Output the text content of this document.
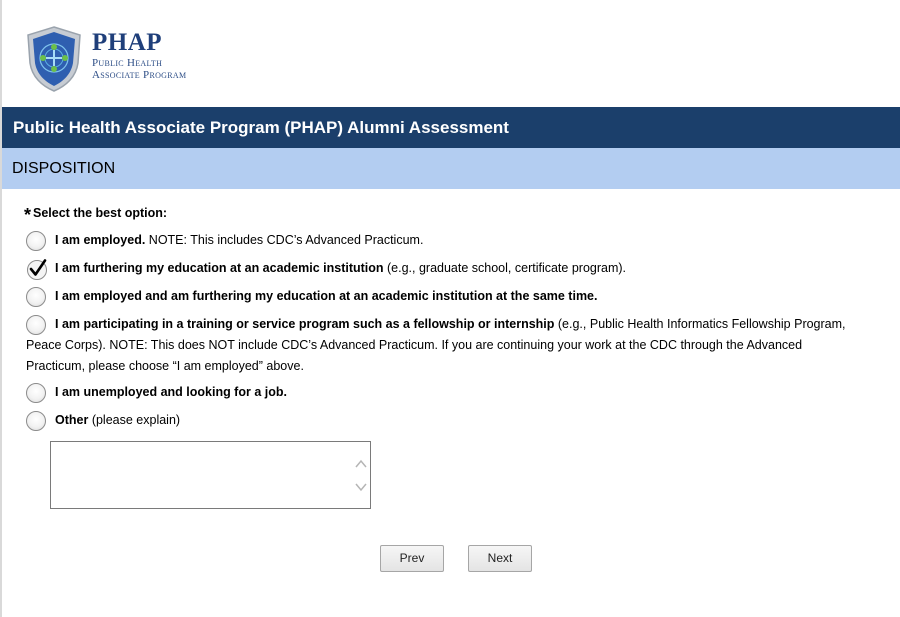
PHAP
Public Health
Associate Program
Public Health Associate Program (PHAP) Alumni Assessment
DISPOSITION
* Select the best option:
I am employed. NOTE: This includes CDC’s Advanced Practicum.
I am furthering my education at an academic institution (e.g., graduate school, certificate program).
I am employed and am furthering my education at an academic institution at the same time.
I am participating in a training or service program such as a fellowship or internship (e.g., Public Health Informatics Fellowship Program, Peace Corps). NOTE: This does NOT include CDC’s Advanced Practicum. If you are continuing your work at the CDC through the Advanced Practicum, please choose “I am employed” above.
I am unemployed and looking for a job.
Other (please explain)
Prev	Next
